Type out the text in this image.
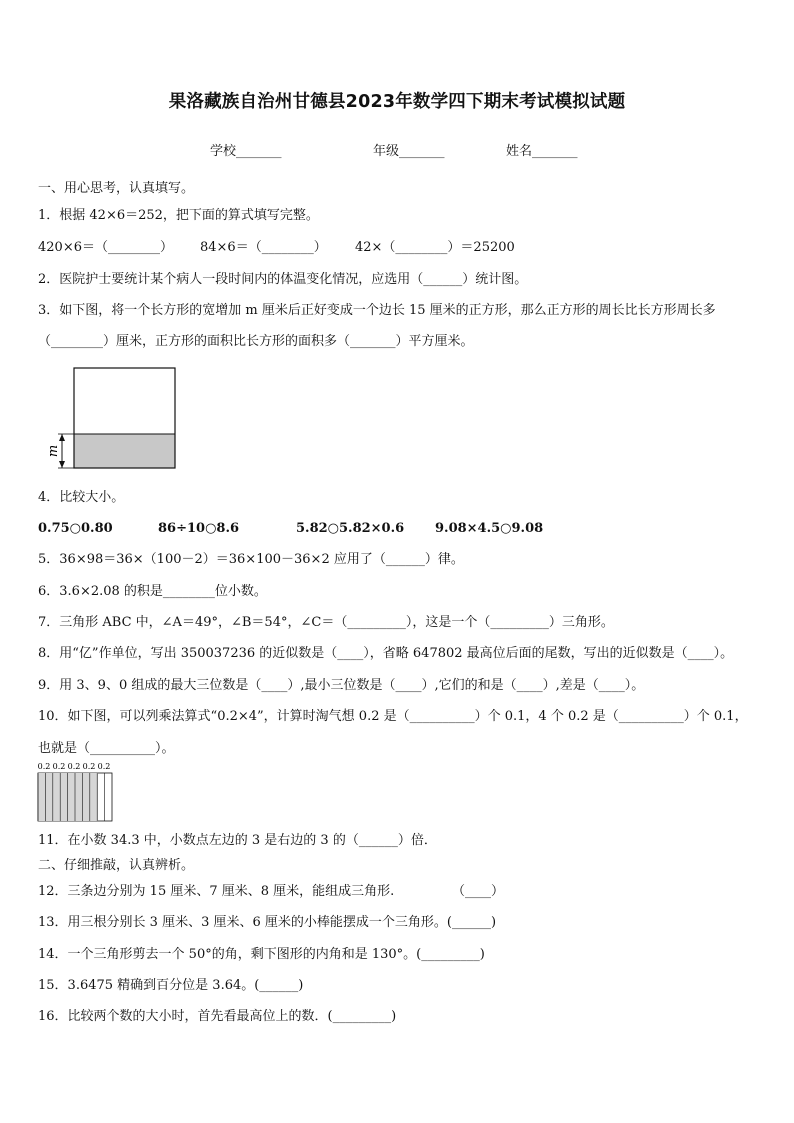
果洛藏族自治州甘德县2023年数学四下期末考试模拟试题
学校_______	年级_______	姓名_______
一、用心思考，认真填写。
1．根据 42×6＝252，把下面的算式填写完整。
420×6＝（________） 84×6＝（________） 42×（________）＝25200
2．医院护士要统计某个病人一段时间内的体温变化情况，应选用（______）统计图。
3．如下图，将一个长方形的宽增加 m 厘米后正好变成一个边长 15 厘米的正方形，那么正方形的周长比长方形周长多
（________）厘米，正方形的面积比长方形的面积多（_______）平方厘米。
m
4．比较大小。
0.75○0.80	86÷10○8.6	5.82○5.82×0.6 9.08×4.5○9.08
5．36×98＝36×（100－2）＝36×100－36×2 应用了（______）律。
6．3.6×2.08 的积是________位小数。
7．三角形 ABC 中，∠A＝49°，∠B＝54°，∠C＝（_________），这是一个（_________）三角形。
8．用“亿”作单位，写出 350037236 的近似数是（____），省略 647802 最高位后面的尾数，写出的近似数是（____）。
9．用 3、9、0 组成的最大三位数是（____）,最小三位数是（____）,它们的和是（____）,差是（____）。
10．如下图，可以列乘法算式“0.2×4”，计算时淘气想 0.2 是（__________）个 0.1，4 个 0.2 是（__________）个 0.1，
也就是（__________）。
0.2 0.2 0.2 0.2 0.2
11．在小数 34.3 中，小数点左边的 3 是右边的 3 的（______）倍．
二、仔细推敲，认真辨析。
12．三条边分别为 15 厘米、7 厘米、8 厘米，能组成三角形.	（____）
13．用三根分别长 3 厘米、3 厘米、6 厘米的小棒能摆成一个三角形。(______)
14．一个三角形剪去一个 50°的角，剩下图形的内角和是 130°。(_________)
15．3.6475 精确到百分位是 3.64。(______)
16．比较两个数的大小时，首先看最高位上的数．(_________)
